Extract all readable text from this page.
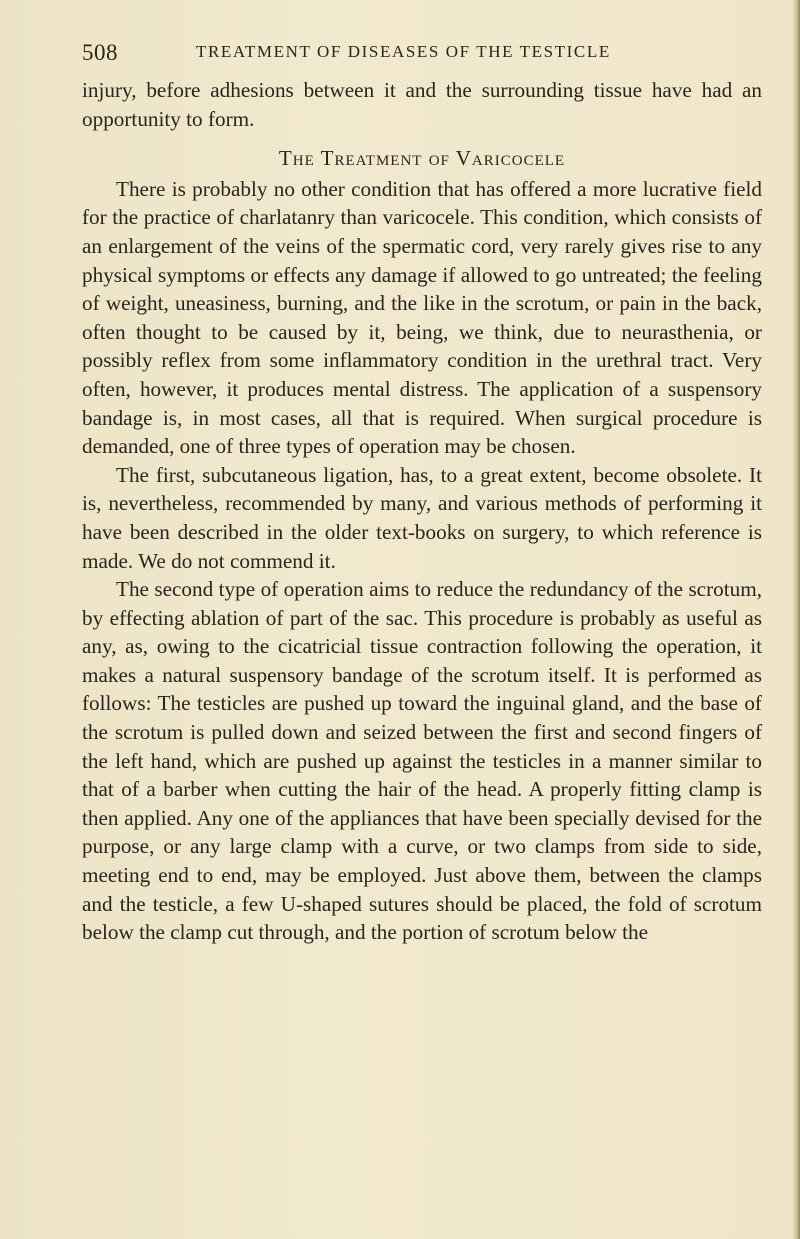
508	TREATMENT OF DISEASES OF THE TESTICLE

injury, before adhesions between it and the surrounding tissue have had an opportunity to form.

The Treatment of Varicocele

There is probably no other condition that has offered a more lucrative field for the practice of charlatanry than varicocele. This condition, which consists of an enlargement of the veins of the spermatic cord, very rarely gives rise to any physical symptoms or effects any damage if allowed to go untreated; the feeling of weight, uneasiness, burning, and the like in the scrotum, or pain in the back, often thought to be caused by it, being, we think, due to neurasthenia, or possibly reflex from some inflammatory condition in the urethral tract. Very often, however, it produces mental distress. The application of a suspensory bandage is, in most cases, all that is required. When surgical procedure is demanded, one of three types of operation may be chosen.

The first, subcutaneous ligation, has, to a great extent, become obsolete. It is, nevertheless, recommended by many, and various methods of performing it have been described in the older text-books on surgery, to which reference is made. We do not commend it.

The second type of operation aims to reduce the redundancy of the scrotum, by effecting ablation of part of the sac. This procedure is probably as useful as any, as, owing to the cicatricial tissue contraction following the operation, it makes a natural suspensory bandage of the scrotum itself. It is performed as follows: The testicles are pushed up toward the inguinal gland, and the base of the scrotum is pulled down and seized between the first and second fingers of the left hand, which are pushed up against the testicles in a manner similar to that of a barber when cutting the hair of the head. A properly fitting clamp is then applied. Any one of the appliances that have been specially devised for the purpose, or any large clamp with a curve, or two clamps from side to side, meeting end to end, may be employed. Just above them, between the clamps and the testicle, a few U-shaped sutures should be placed, the fold of scrotum below the clamp cut through, and the portion of scrotum below the
